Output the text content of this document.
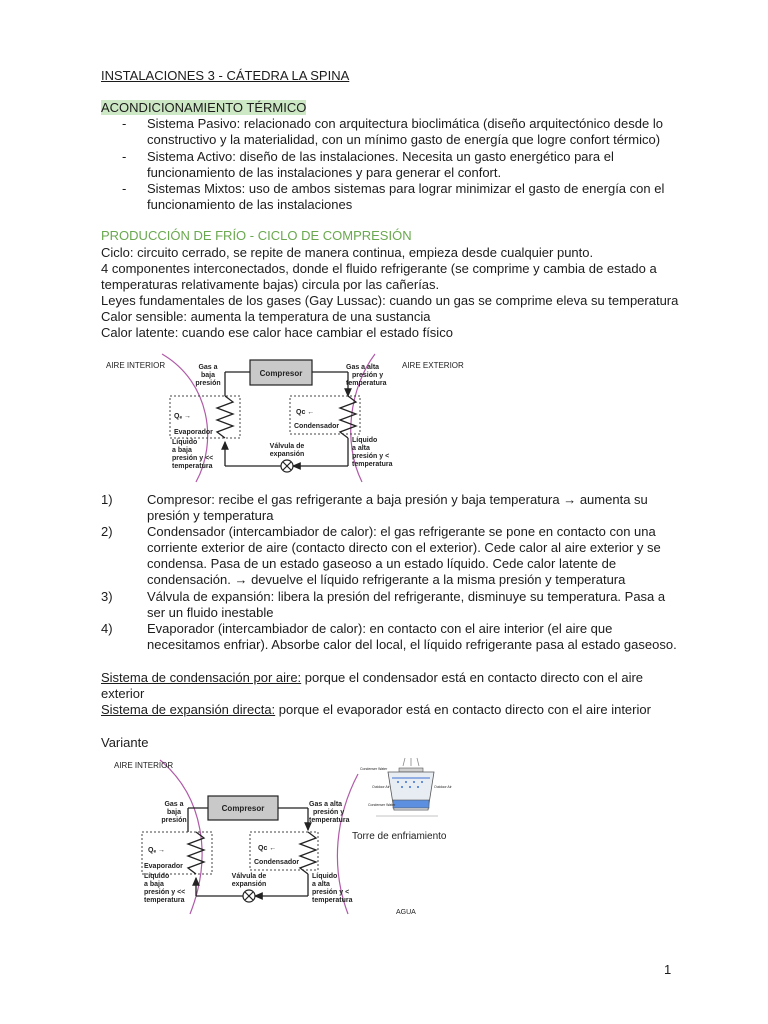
INSTALACIONES 3 - CÁTEDRA LA SPINA
ACONDICIONAMIENTO TÉRMICO
- Sistema Pasivo: relacionado con arquitectura bioclimática (diseño arquitectónico desde lo
constructivo y la materialidad, con un mínimo gasto de energía que logre confort térmico)
- Sistema Activo: diseño de las instalaciones. Necesita un gasto energético para el
funcionamiento de las instalaciones y para generar el confort.
- Sistemas Mixtos: uso de ambos sistemas para lograr minimizar el gasto de energía con el
funcionamiento de las instalaciones
PRODUCCIÓN DE FRÍO - CICLO DE COMPRESIÓN
Ciclo: circuito cerrado, se repite de manera continua, empieza desde cualquier punto.
4 componentes interconectados, donde el fluido refrigerante (se comprime y cambia de estado a
temperaturas relativamente bajas) circula por las cañerías.
Leyes fundamentales de los gases (Gay Lussac): cuando un gas se comprime eleva su temperatura
Calor sensible: aumenta la temperatura de una sustancia
Calor latente: cuando ese calor hace cambiar el estado físico
AIRE INTERIOR	AIRE EXTERIOR
Compresor
Qₑ →
Evaporador
Qᴄ ←
Condensador
Gas a baja presión
Gas a alta presión y temperatura
Válvula de expansión
Líquido a baja presión y << temperatura
Líquido a alta presión y < temperatura
1)	Compresor: recibe el gas refrigerante a baja presión y baja temperatura → aumenta su
presión y temperatura
2)	Condensador (intercambiador de calor): el gas refrigerante se pone en contacto con una
corriente exterior de aire (contacto directo con el exterior). Cede calor al aire exterior y se
condensa. Pasa de un estado gaseoso a un estado líquido. Cede calor latente de
condensación. → devuelve el líquido refrigerante a la misma presión y temperatura
3)	Válvula de expansión: libera la presión del refrigerante, disminuye su temperatura. Pasa a
ser un fluido inestable
4)	Evaporador (intercambiador de calor): en contacto con el aire interior (el aire que
necesitamos enfriar). Absorbe calor del local, el líquido refrigerante pasa al estado gaseoso.
Sistema de condensación por aire: porque el condensador está en contacto directo con el aire
exterior
Sistema de expansión directa: porque el evaporador está en contacto directo con el aire interior
Variante
AIRE INTERIOR
Compresor
Qₑ →
Evaporador
Qᴄ ←
Condensador
Gas a baja presión
Gas a alta presión y temperatura
Válvula de expansión
Líquido a baja presión y << temperatura
Líquido a alta presión y < temperatura
Condenser Water
Outdoor Air	Outdoor Air
Condenser Water
Torre de enfriamiento
AGUA
1
